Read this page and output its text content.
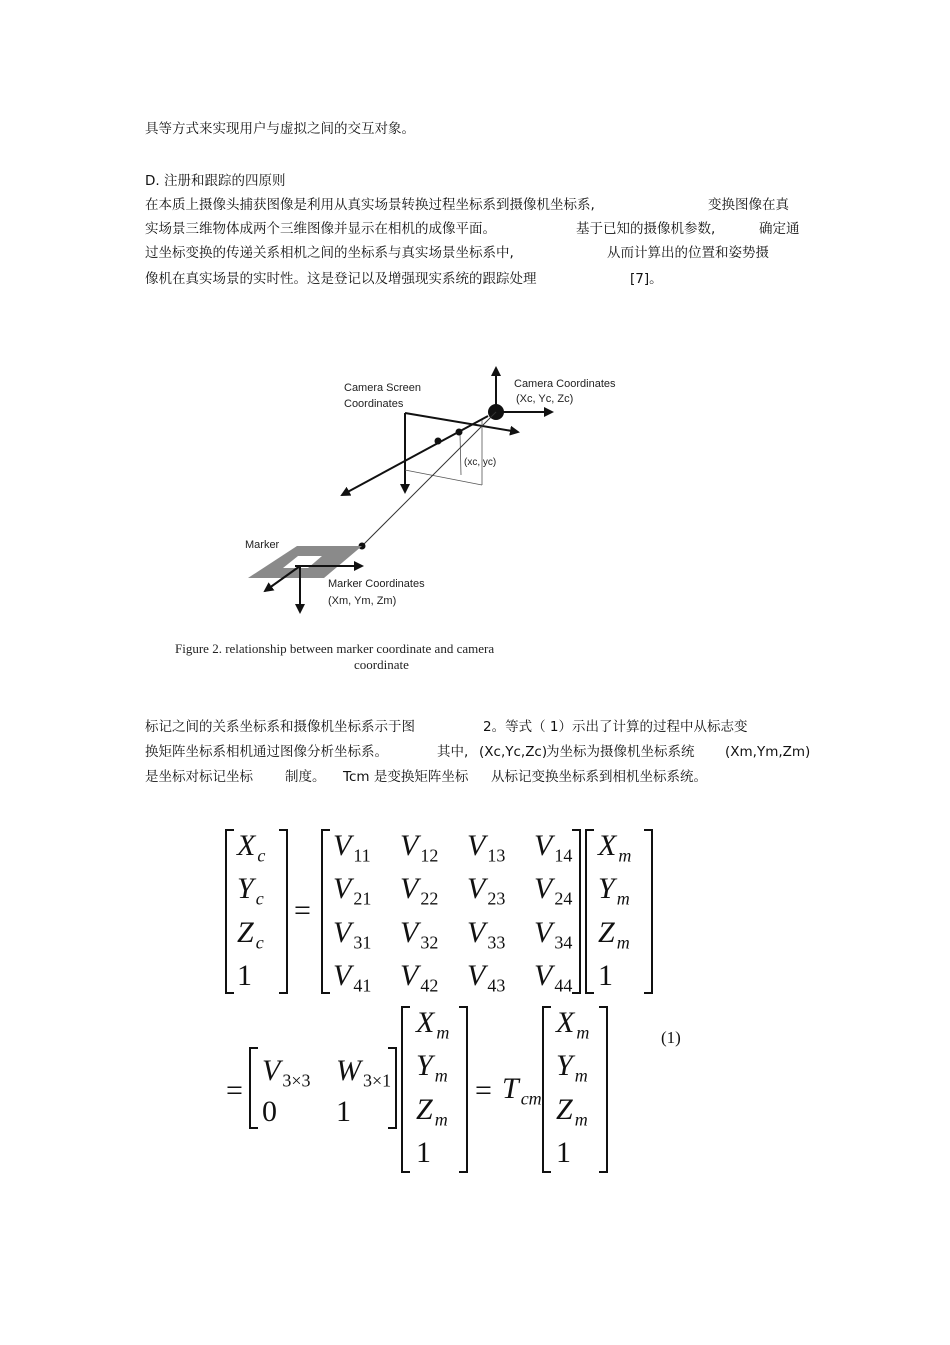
具等方式来实现用户与虚拟之间的交互对象。
D. 注册和跟踪的四原则
在本质上摄像头捕获图像是利用从真实场景转换过程坐标系到摄像机坐标系,	变换图像在真
实场景三维物体成两个三维图像并显示在相机的成像平面。	基于已知的摄像机参数,	确定通
过坐标变换的传递关系相机之间的坐标系与真实场景坐标系中,	从而计算出的位置和姿势摄
像机在真实场景的实时性。这是登记以及增强现实系统的跟踪处理	[7]。
Camera Screen
Coordinates
Camera Coordinates
(Xc, Yc, Zc)
(xc, yc)
Marker
Marker Coordinates
(Xm, Ym, Zm)
Figure 2. relationship between marker coordinate and camera
coordinate
标记之间的关系坐标系和摄像机坐标系示于图	2。等式（ 1）示出了计算的过程中从标志变
换矩阵坐标系相机通过图像分析坐标系。	其中, (Xc,Yc,Zc)
为坐标为摄像机坐标系统 (Xm,Ym,Zm)
是坐标对标记坐标 制度。 Tcm 是变换矩阵坐标 从标记变换坐标系到相机坐标系统。
X $_c$
Y $_c$
Z $_c$
1
=
V $_{11}$ V $_{12}$ V $_{13}$ V $_{14}$
V $_{21}$ V $_{22}$ V $_{23}$ V $_{24}$
V $_{31}$ V $_{32}$ V $_{33}$ V $_{34}$
V $_{41}$ V $_{42}$ V $_{43}$ V $_{44}$
X $_m$
Y $_m$
Z $_m$
1
=
V $_{3\times 3}$ W $_{3\times 1}$
0 1
X $_m$
Y $_m$
Z $_m$
1
= T $_{cm}$
X $_m$
Y $_m$
Z $_m$
1
(1)
